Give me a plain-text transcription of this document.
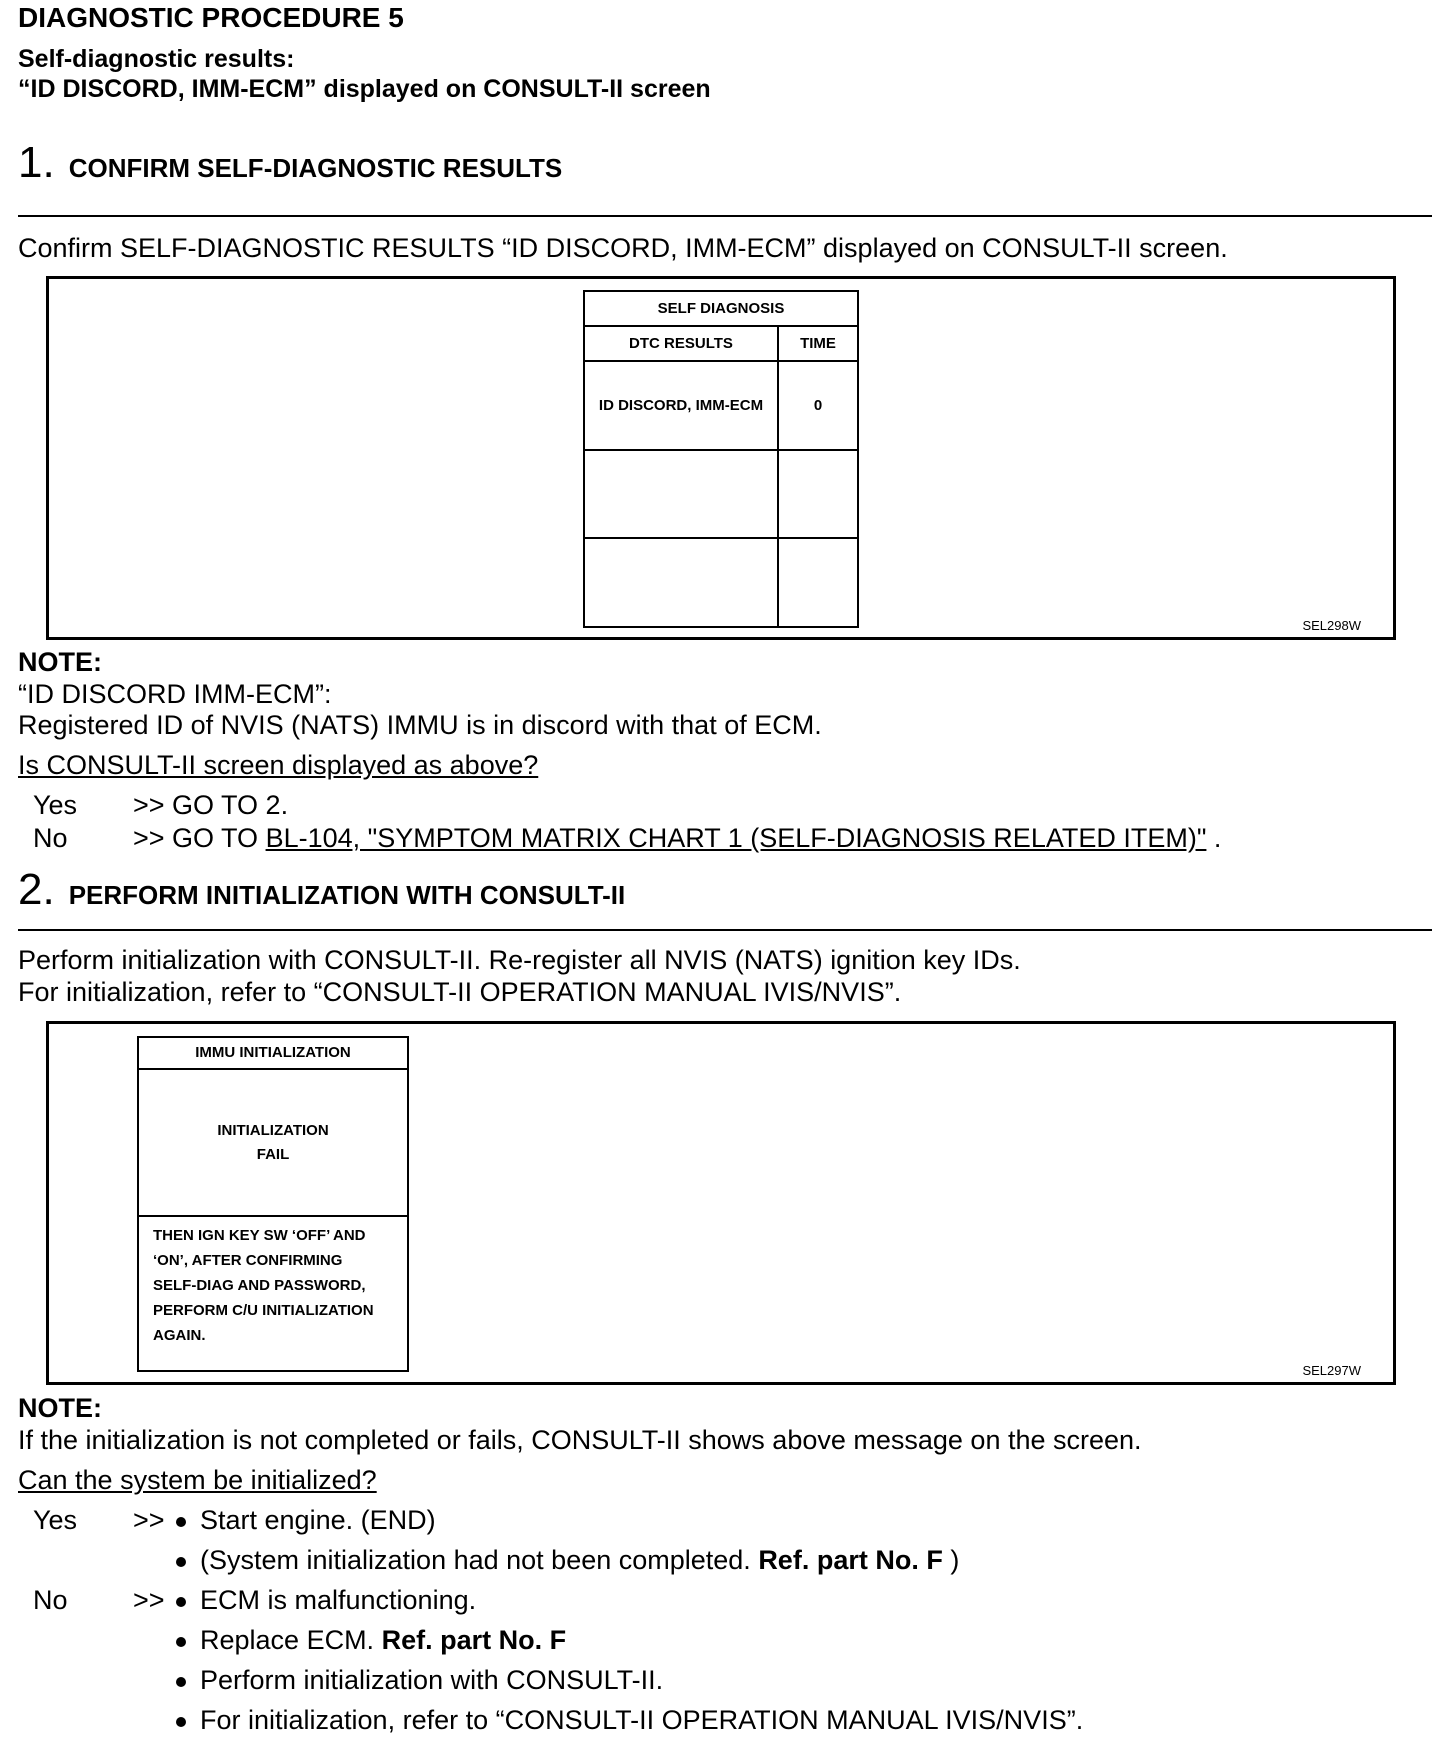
DIAGNOSTIC PROCEDURE 5
Self-diagnostic results:
“ID DISCORD, IMM-ECM” displayed on CONSULT-II screen
1. CONFIRM SELF-DIAGNOSTIC RESULTS
Confirm SELF-DIAGNOSTIC RESULTS “ID DISCORD, IMM-ECM” displayed on CONSULT-II screen.
SELF DIAGNOSIS	
DTC RESULTS	TIME
ID DISCORD, IMM-ECM	0

SEL298W
NOTE:
“ID DISCORD IMM-ECM”:
Registered ID of NVIS (NATS) IMMU is in discord with that of ECM.
Is CONSULT-II screen displayed as above?
Yes >> GO TO 2.
No >> GO TO BL-104, "SYMPTOM MATRIX CHART 1 (SELF-DIAGNOSIS RELATED ITEM)" .
2. PERFORM INITIALIZATION WITH CONSULT-II
Perform initialization with CONSULT-II. Re-register all NVIS (NATS) ignition key IDs.
For initialization, refer to “CONSULT-II OPERATION MANUAL IVIS/NVIS”.
IMMU INITIALIZATION
INITIALIZATION
FAIL
THEN IGN KEY SW ‘OFF’ AND
‘ON’, AFTER CONFIRMING
SELF-DIAG AND PASSWORD,
PERFORM C/U INITIALIZATION
AGAIN.
SEL297W
NOTE:
If the initialization is not completed or fails, CONSULT-II shows above message on the screen.
Can the system be initialized?
Yes >>	Start engine. (END)
(System initialization had not been completed. Ref. part No. F )
No >>	ECM is malfunctioning.
Replace ECM. Ref. part No. F
Perform initialization with CONSULT-II.
For initialization, refer to “CONSULT-II OPERATION MANUAL IVIS/NVIS”.
